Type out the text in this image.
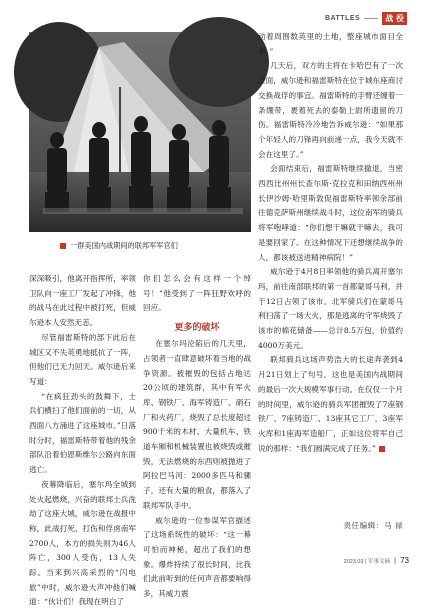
BATTLES	战 役
一群美国内战期间的联邦军军官们

深深吸引，他离开指挥所，率领卫队向一座工厂发起了冲锋，他的战马在此过程中被打死，但威尔逊本人安然无恙。

尽管福雷斯特的部下此后在城区又不失英勇地抵抗了一阵，但他们已无力回天。威尔逊后来写道：

“在疯狂劲头的鼓舞下，士兵们横扫了他们面前的一切，从西面八方涌进了这座城市。”日落时分时，福雷斯特带着他的残余部队沿着伯恩斯维尔公路向东面逃亡。

夜幕降临后，塞尔玛全城到处火起燃烧，兴奋的联邦士兵洗劫了这座大城，威尔逊在战报中称，此战打死、打伤和俘虏南军2700人，本方的损失则为46人阵亡，300人受伤，13人失踪。当来到兴高采烈的“闪电旅”中时，威尔逊大声冲他们喊道：“伙计们！我现在明白了

你们怎么会有这样一个绰号！”他受到了一阵狂野欢呼的回应。

更多的破坏

在塞尔玛沦陷后的几天里，占领者一直肆意破坏着当地的战争资源。被摧毁的包括占地达20公顷的建筑群，其中有军火库、钢铁厂、海军铸造厂、硝石厂和火药厂，烧毁了总长度超过900千米的木材、大量机车、铁道车厢和机械装置也被烧毁或摧毁，无法燃烧的东西则被抛进了阿拉巴马河：2000多匹马和骡子，还有大量的粮食，都落入了联邦军队手中。

威尔逊的一位参谋军官描述了这场系统性的破坏：“这一幕可怕而神秘，超出了我们的想象。爆炸持续了很长时间，比我们此前听到的任何声音都要响得多，其威力震

动着周围数英里的土地，整座城市面目全非。”

几天后，双方的主将在卡哈巴有了一次会面，威尔逊和福雷斯特在位于城东座商讨交换战俘的事宜。福雷斯特的手臂还缠着一条绷带，裹着死去的泰勒上尉所遗留的刀伤。福雷斯特冷冷地告诉威尔逊：“如果那个年轻人的刀锋再向前递一点，我今天就不会在这里了。”

会面结束后，福雷斯特继续撤退，当密西西比州州长查尔斯·克拉克和田纳西州州长伊沙姆·哈里斯敦促福雷斯特率领余部前往德克萨斯州继续战斗时，这位南军的骑兵将军咆哮道：“你们想干嘛就干嘛去，我可是要回家了。在这种情况下还想继续战争的人，都该被送进精神病院！”

威尔逊于4月8日率领他的骑兵离开塞尔玛，前往南部联邦的第一首都蒙哥马利，并于12日占领了该市。北军骑兵们在蒙哥马利扫荡了一场大火，那是逃离的守军烧毁了该市的棉花储备——总计8.5万包，价值约4000万美元。

联邦骑兵这场声势浩大的长途奔袭到4月21日划上了句号，这也是美国内战期间的最后一次大规模军事行动。在仅仅一个月的时间里，威尔逊的骑兵军团摧毁了7座钢铁厂、7座铸造厂、13座其它工厂，3座军火库和1座海军造船厂，正如这位将军自己说的那样：“我们圆满完成了任务。”

责任编辑：马 禄
2023.03 | 军事文摘 | 73
